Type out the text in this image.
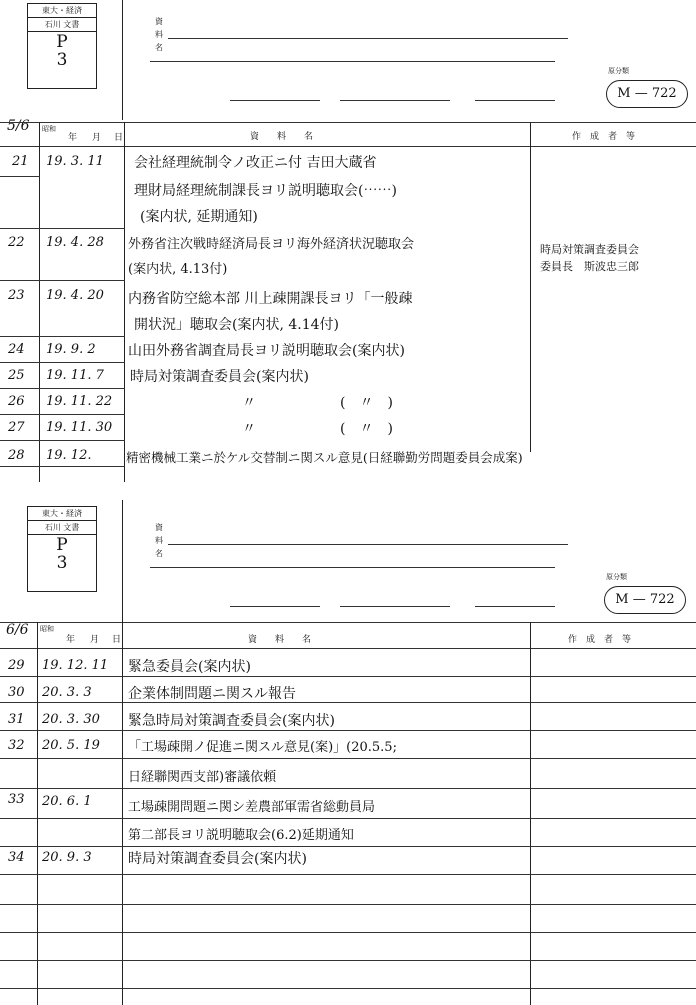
東大・経済
石川 文書
P
3
資
料
名
原分類
M — 722
5/6 昭和
年 月 日	資　　料　　名	作　成　者　等
21 19. 3. 11 会社経理統制令ノ改正ニ付 吉田大蔵省
理財局経理統制課長ヨリ説明聴取会(⋯⋯)
(案内状, 延期通知)
22 19. 4. 28 外務省注次戦時経済局長ヨリ海外経済状況聴取会
(案内状, 4.13付)
時局対策調査委員会
委員長　斯波忠三郎
23 19. 4. 20 内務省防空総本部 川上疎開課長ヨリ「一般疎
開状況」聴取会(案内状, 4.14付)
24 19. 9. 2 山田外務省調査局長ヨリ説明聴取会(案内状)
25 19. 11. 7 時局対策調査委員会(案内状)
26 19. 11. 22	　　　〃　　　　　　(　〃　)
27 19. 11. 30	　　　〃　　　　　　(　〃　)
28 19. 12.	精密機械工業ニ於ケル交替制ニ関スル意見(日経聯勤労問題委員会成案)
東大・経済
石川 文書
P
3
資
料
名
原分類
M — 722
6/6 昭和
年 月 日	資　　料　　名	作　成　者　等
29 19. 12. 11 緊急委員会(案内状)
30 20. 3. 3	企業体制問題ニ関スル報告
31 20. 3. 30 緊急時局対策調査委員会(案内状)
32 20. 5. 19 「工場疎開ノ促進ニ関スル意見(案)」(20.5.5;
日経聯関西支部)審議依頼
33 20. 6. 1	工場疎開問題ニ関シ差農部軍需省総動員局
第二部長ヨリ説明聴取会(6.2)延期通知
34 20. 9. 3	時局対策調査委員会(案内状)
